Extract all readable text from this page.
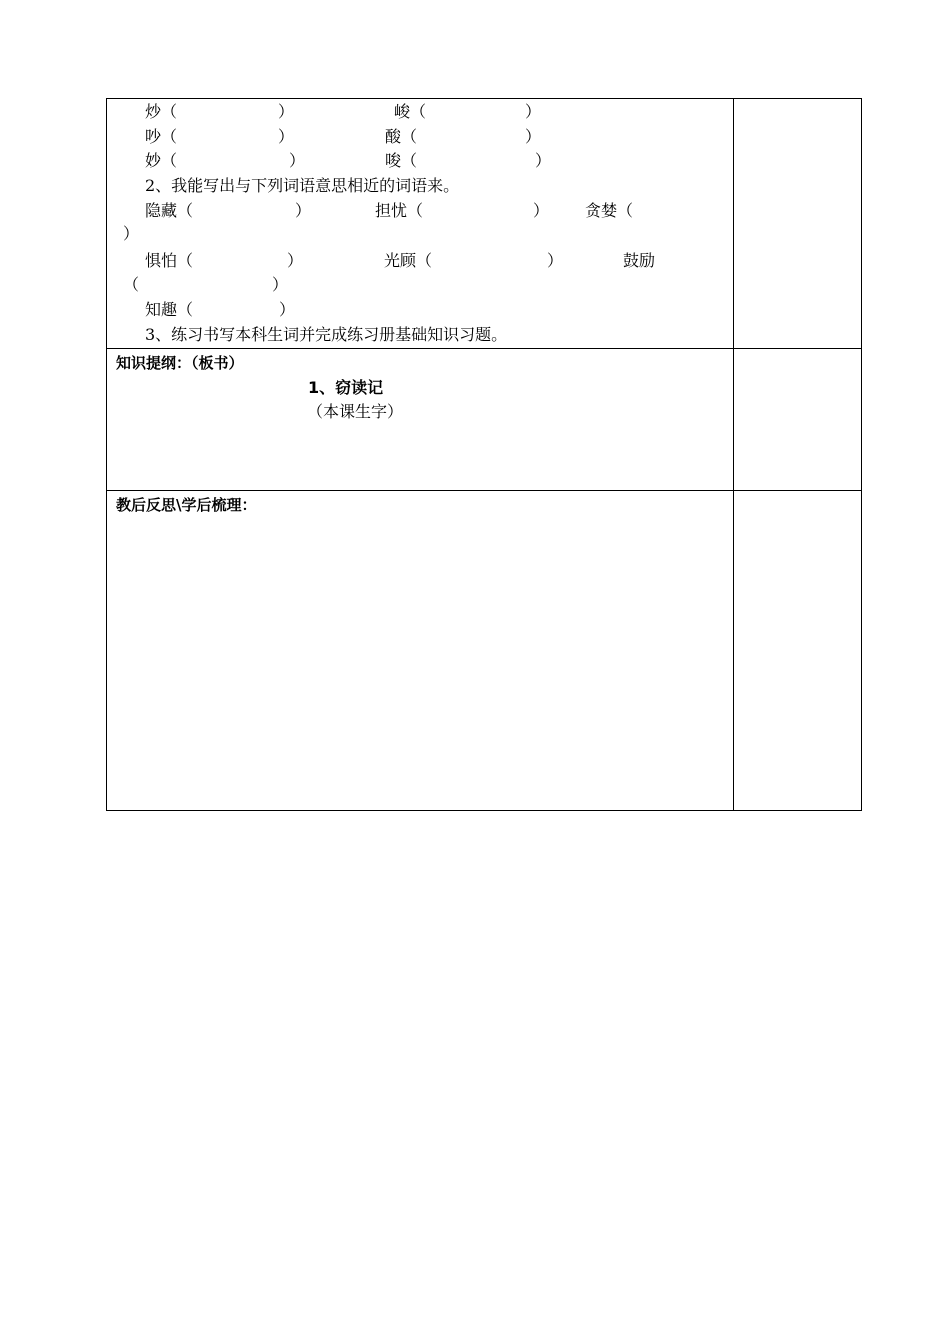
炒（	）	峻（	）
吵（	）	酸（	）
妙（	）	唆（	）
2、我能写出与下列词语意思相近的词语来。
隐藏（	）	担忧（	） 贪婪（
）
惧怕（	）	光顾（	）	鼓励
（	）
知趣（	）
3、练习书写本科生词并完成练习册基础知识习题。
知识提纲：（板书）
1、窃读记
（本课生字）
教后反思\学后梳理：
